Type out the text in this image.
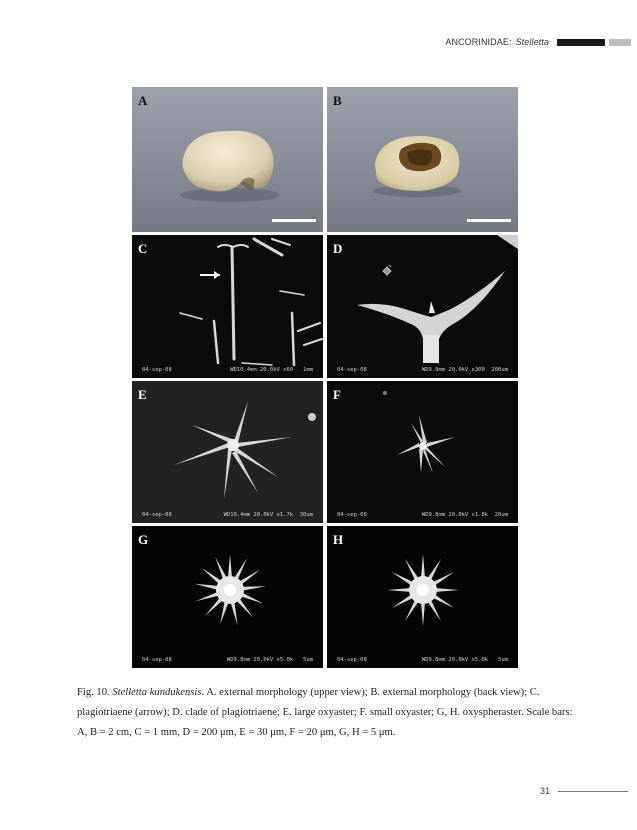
ANCORINIDAE: Stelletta
A	B
C
04-sep-08	WD10.4mm 20.0kV x60   1mm
D
04-sep-08	WD9.9mm 20.0kV x300  200um
E
04-sep-08	WD10.4mm 20.0kV x1.7k  30um
F
04-sep-08	WD9.8mm 20.0kV x1.8k  20um
G
04-sep-08	WD9.8mm 20.0kV x5.0k   5um
H
04-sep-08	WD9.8mm 20.0kV x5.0k   5um
Fig. 10. Stelletta kundukensis. A. external morphology (upper view); B. external morphology (back view); C. plagiotriaene (arrow); D. clade of plagiotriaene; E. large oxyaster; F. small oxyaster; G, H. oxyspheraster. Scale bars: A, B = 2 cm, C = 1 mm, D = 200 μm, E = 30 μm, F = 20 μm, G, H = 5 μm.
31
